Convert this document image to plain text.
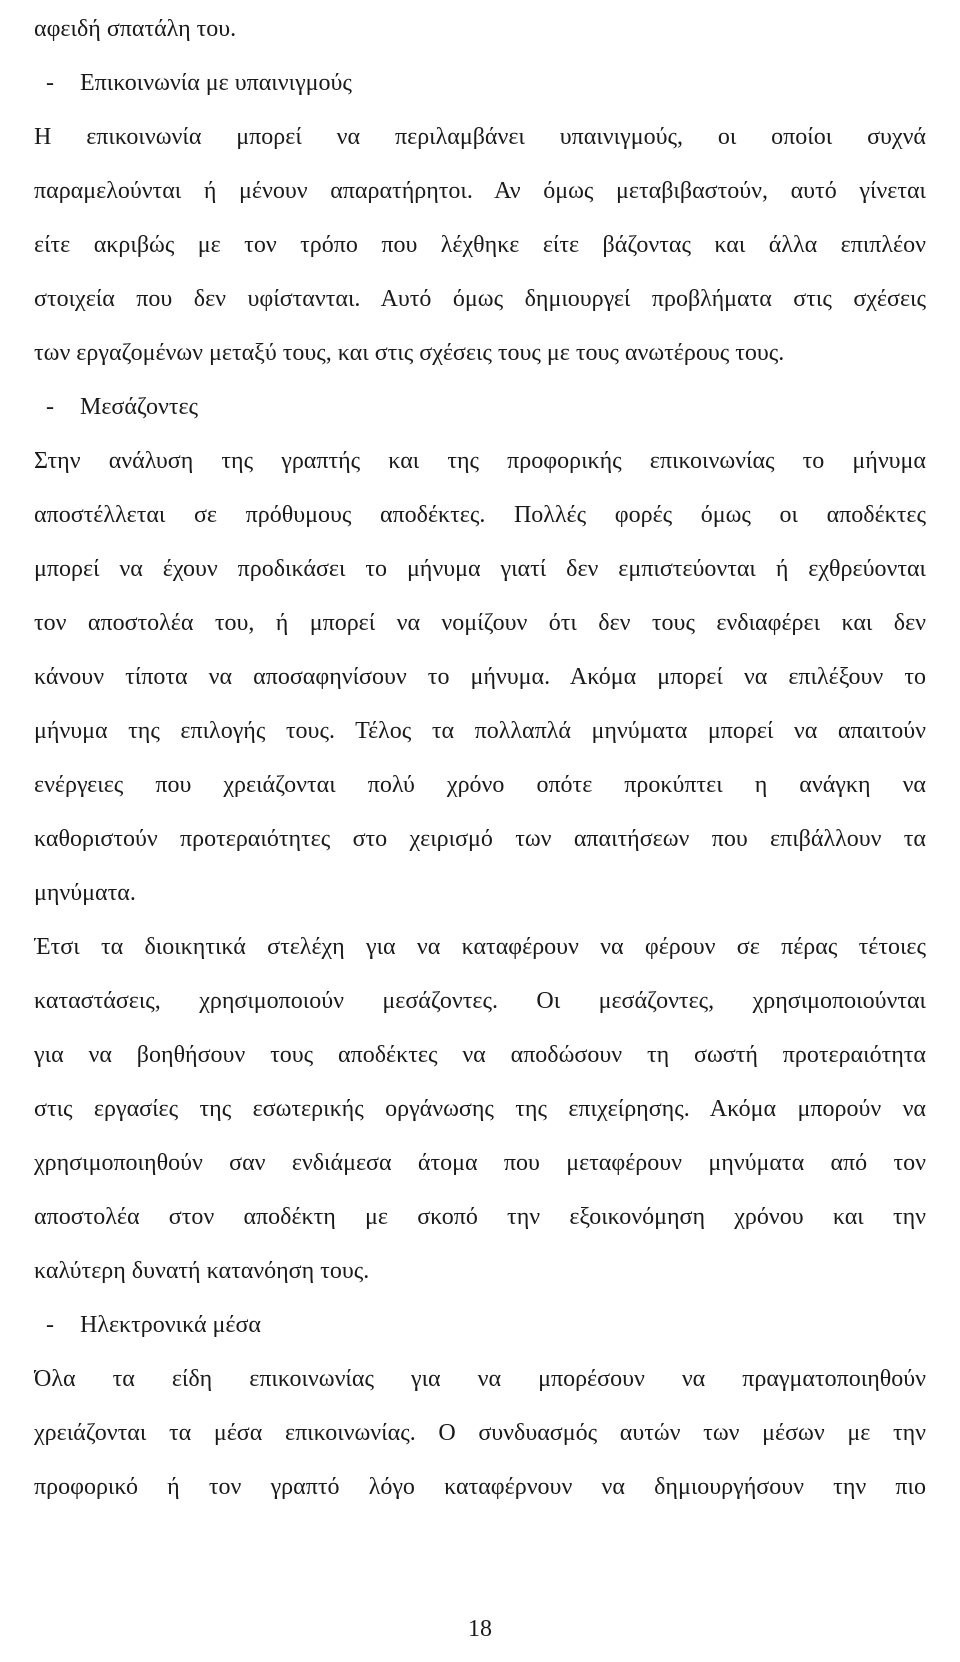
αφειδή σπατάλη του.
- Επικοινωνία με υπαινιγμούς
Η επικοινωνία μπορεί να περιλαμβάνει υπαινιγμούς, οι οποίοι συχνά
παραμελούνται ή μένουν απαρατήρητοι. Αν όμως μεταβιβαστούν, αυτό γίνεται
είτε ακριβώς με τον τρόπο που λέχθηκε είτε βάζοντας και άλλα επιπλέον
στοιχεία που δεν υφίστανται. Αυτό όμως δημιουργεί προβλήματα στις σχέσεις
των εργαζομένων μεταξύ τους, και στις σχέσεις τους με τους ανωτέρους τους.
- Μεσάζοντες
Στην ανάλυση της γραπτής και της προφορικής επικοινωνίας το μήνυμα
αποστέλλεται σε πρόθυμους αποδέκτες. Πολλές φορές όμως οι αποδέκτες
μπορεί να έχουν προδικάσει το μήνυμα γιατί δεν εμπιστεύονται ή εχθρεύονται
τον αποστολέα του, ή μπορεί να νομίζουν ότι δεν τους ενδιαφέρει και δεν
κάνουν τίποτα να αποσαφηνίσουν το μήνυμα. Ακόμα μπορεί να επιλέξουν το
μήνυμα της επιλογής τους. Τέλος τα πολλαπλά μηνύματα μπορεί να απαιτούν
ενέργειες που χρειάζονται πολύ χρόνο οπότε προκύπτει η ανάγκη να
καθοριστούν προτεραιότητες στο χειρισμό των απαιτήσεων που επιβάλλουν τα
μηνύματα.
Έτσι τα διοικητικά στελέχη για να καταφέρουν να φέρουν σε πέρας τέτοιες
καταστάσεις, χρησιμοποιούν μεσάζοντες. Οι μεσάζοντες, χρησιμοποιούνται
για να βοηθήσουν τους αποδέκτες να αποδώσουν τη σωστή προτεραιότητα
στις εργασίες της εσωτερικής οργάνωσης της επιχείρησης. Ακόμα μπορούν να
χρησιμοποιηθούν σαν ενδιάμεσα άτομα που μεταφέρουν μηνύματα από τον
αποστολέα στον αποδέκτη με σκοπό την εξοικονόμηση χρόνου και την
καλύτερη δυνατή κατανόηση τους.
- Ηλεκτρονικά μέσα
Όλα τα είδη επικοινωνίας για να μπορέσουν να πραγματοποιηθούν
χρειάζονται τα μέσα επικοινωνίας. Ο συνδυασμός αυτών των μέσων με την
προφορικό ή τον γραπτό λόγο καταφέρνουν να δημιουργήσουν την πιο
18
